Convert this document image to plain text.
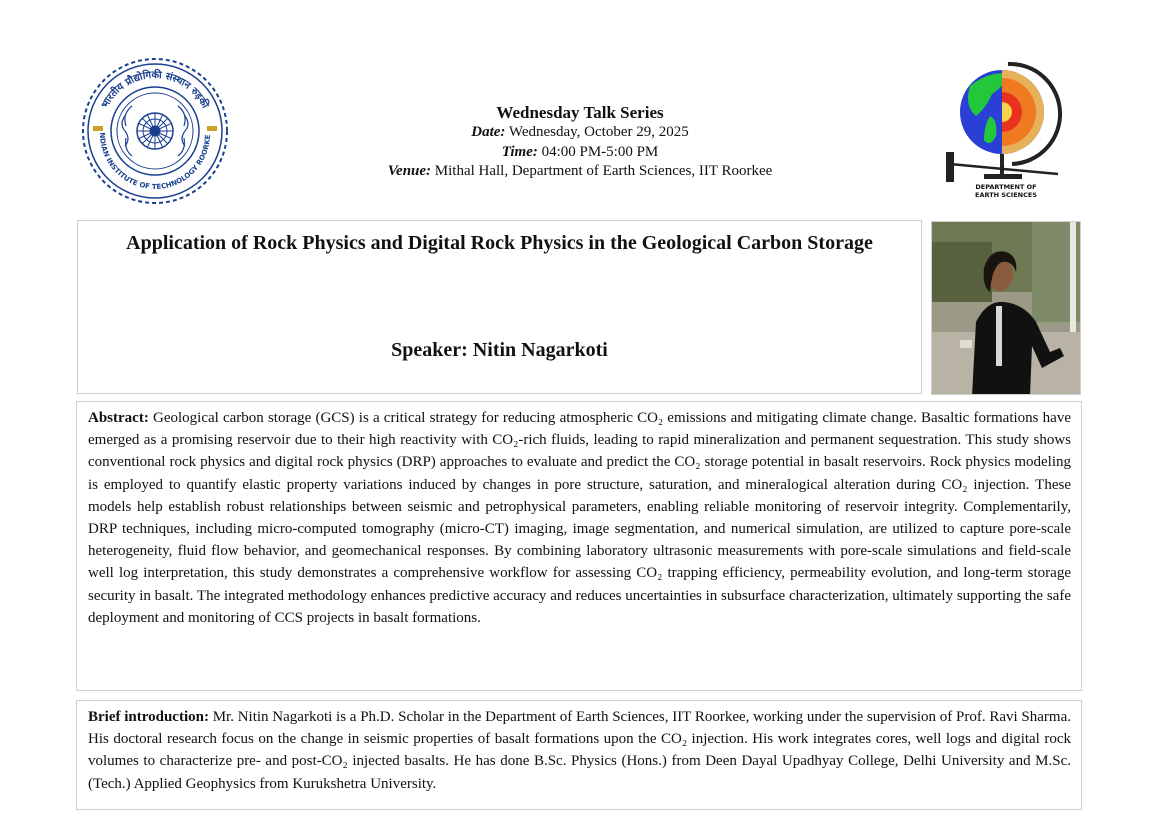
भारतीय प्रौद्योगिकी संस्थान रुड़की
NDIAN INSTITUTE OF TECHNOLOGY ROORKE
Wednesday Talk Series
Date: Wednesday, October 29, 2025
Time: 04:00 PM-5:00 PM
Venue: Mithal Hall, Department of Earth Sciences, IIT Roorkee
DEPARTMENT OF
EARTH SCIENCES
Application of Rock Physics and Digital Rock Physics in the Geological Carbon Storage
Speaker: Nitin Nagarkoti
Abstract: Geological carbon storage (GCS) is a critical strategy for reducing atmospheric CO₂ emissions and mitigating climate change. Basaltic formations have emerged as a promising reservoir due to their high reactivity with CO₂-rich fluids, leading to rapid mineralization and permanent sequestration. This study shows conventional rock physics and digital rock physics (DRP) approaches to evaluate and predict the CO₂ storage potential in basalt reservoirs. Rock physics modeling is employed to quantify elastic property variations induced by changes in pore structure, saturation, and mineralogical alteration during CO₂ injection. These models help establish robust relationships between seismic and petrophysical parameters, enabling reliable monitoring of reservoir integrity. Complementarily, DRP techniques, including micro-computed tomography (micro-CT) imaging, image segmentation, and numerical simulation, are utilized to capture pore-scale heterogeneity, fluid flow behavior, and geomechanical responses. By combining laboratory ultrasonic measurements with pore-scale simulations and field-scale well log interpretation, this study demonstrates a comprehensive workflow for assessing CO₂ trapping efficiency, permeability evolution, and long-term storage security in basalt. The integrated methodology enhances predictive accuracy and reduces uncertainties in subsurface characterization, ultimately supporting the safe deployment and monitoring of CCS projects in basalt formations.
Brief introduction: Mr. Nitin Nagarkoti is a Ph.D. Scholar in the Department of Earth Sciences, IIT Roorkee, working under the supervision of Prof. Ravi Sharma. His doctoral research focus on the change in seismic properties of basalt formations upon the CO₂ injection. His work integrates cores, well logs and digital rock volumes to characterize pre- and post-CO₂ injected basalts. He has done B.Sc. Physics (Hons.) from Deen Dayal Upadhyay College, Delhi University and M.Sc. (Tech.) Applied Geophysics from Kurukshetra University.
